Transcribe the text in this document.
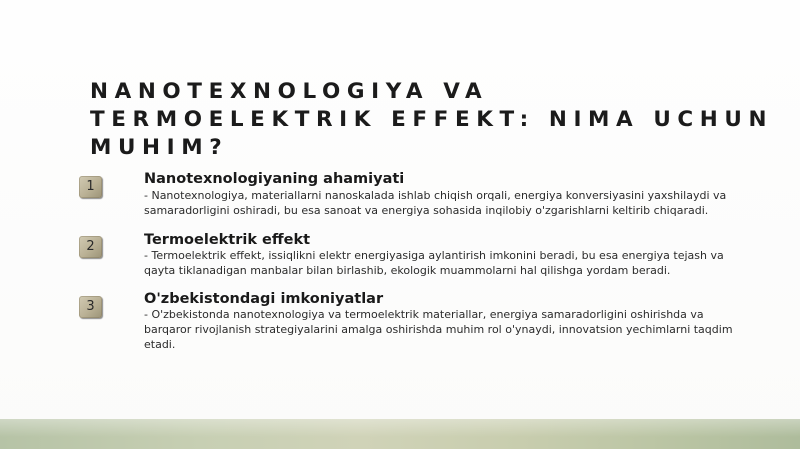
NANOTEXNOLOGIYA VA TERMOELEKTRIK EFFEKT: NIMA UCHUN MUHIM?
1	Nanotexnologiyaning ahamiyati
- Nanotexnologiya, materiallarni nanoskalada ishlab chiqish orqali, energiya konversiyasini yaxshilaydi va samaradorligini oshiradi, bu esa sanoat va energiya sohasida inqilobiy o'zgarishlarni keltirib chiqaradi.
2	Termoelektrik effekt
- Termoelektrik effekt, issiqlikni elektr energiyasiga aylantirish imkonini beradi, bu esa energiya tejash va qayta tiklanadigan manbalar bilan birlashib, ekologik muammolarni hal qilishga yordam beradi.
3	O'zbekistondagi imkoniyatlar
- O'zbekistonda nanotexnologiya va termoelektrik materiallar, energiya samaradorligini oshirishda va barqaror rivojlanish strategiyalarini amalga oshirishda muhim rol o'ynaydi, innovatsion yechimlarni taqdim etadi.
